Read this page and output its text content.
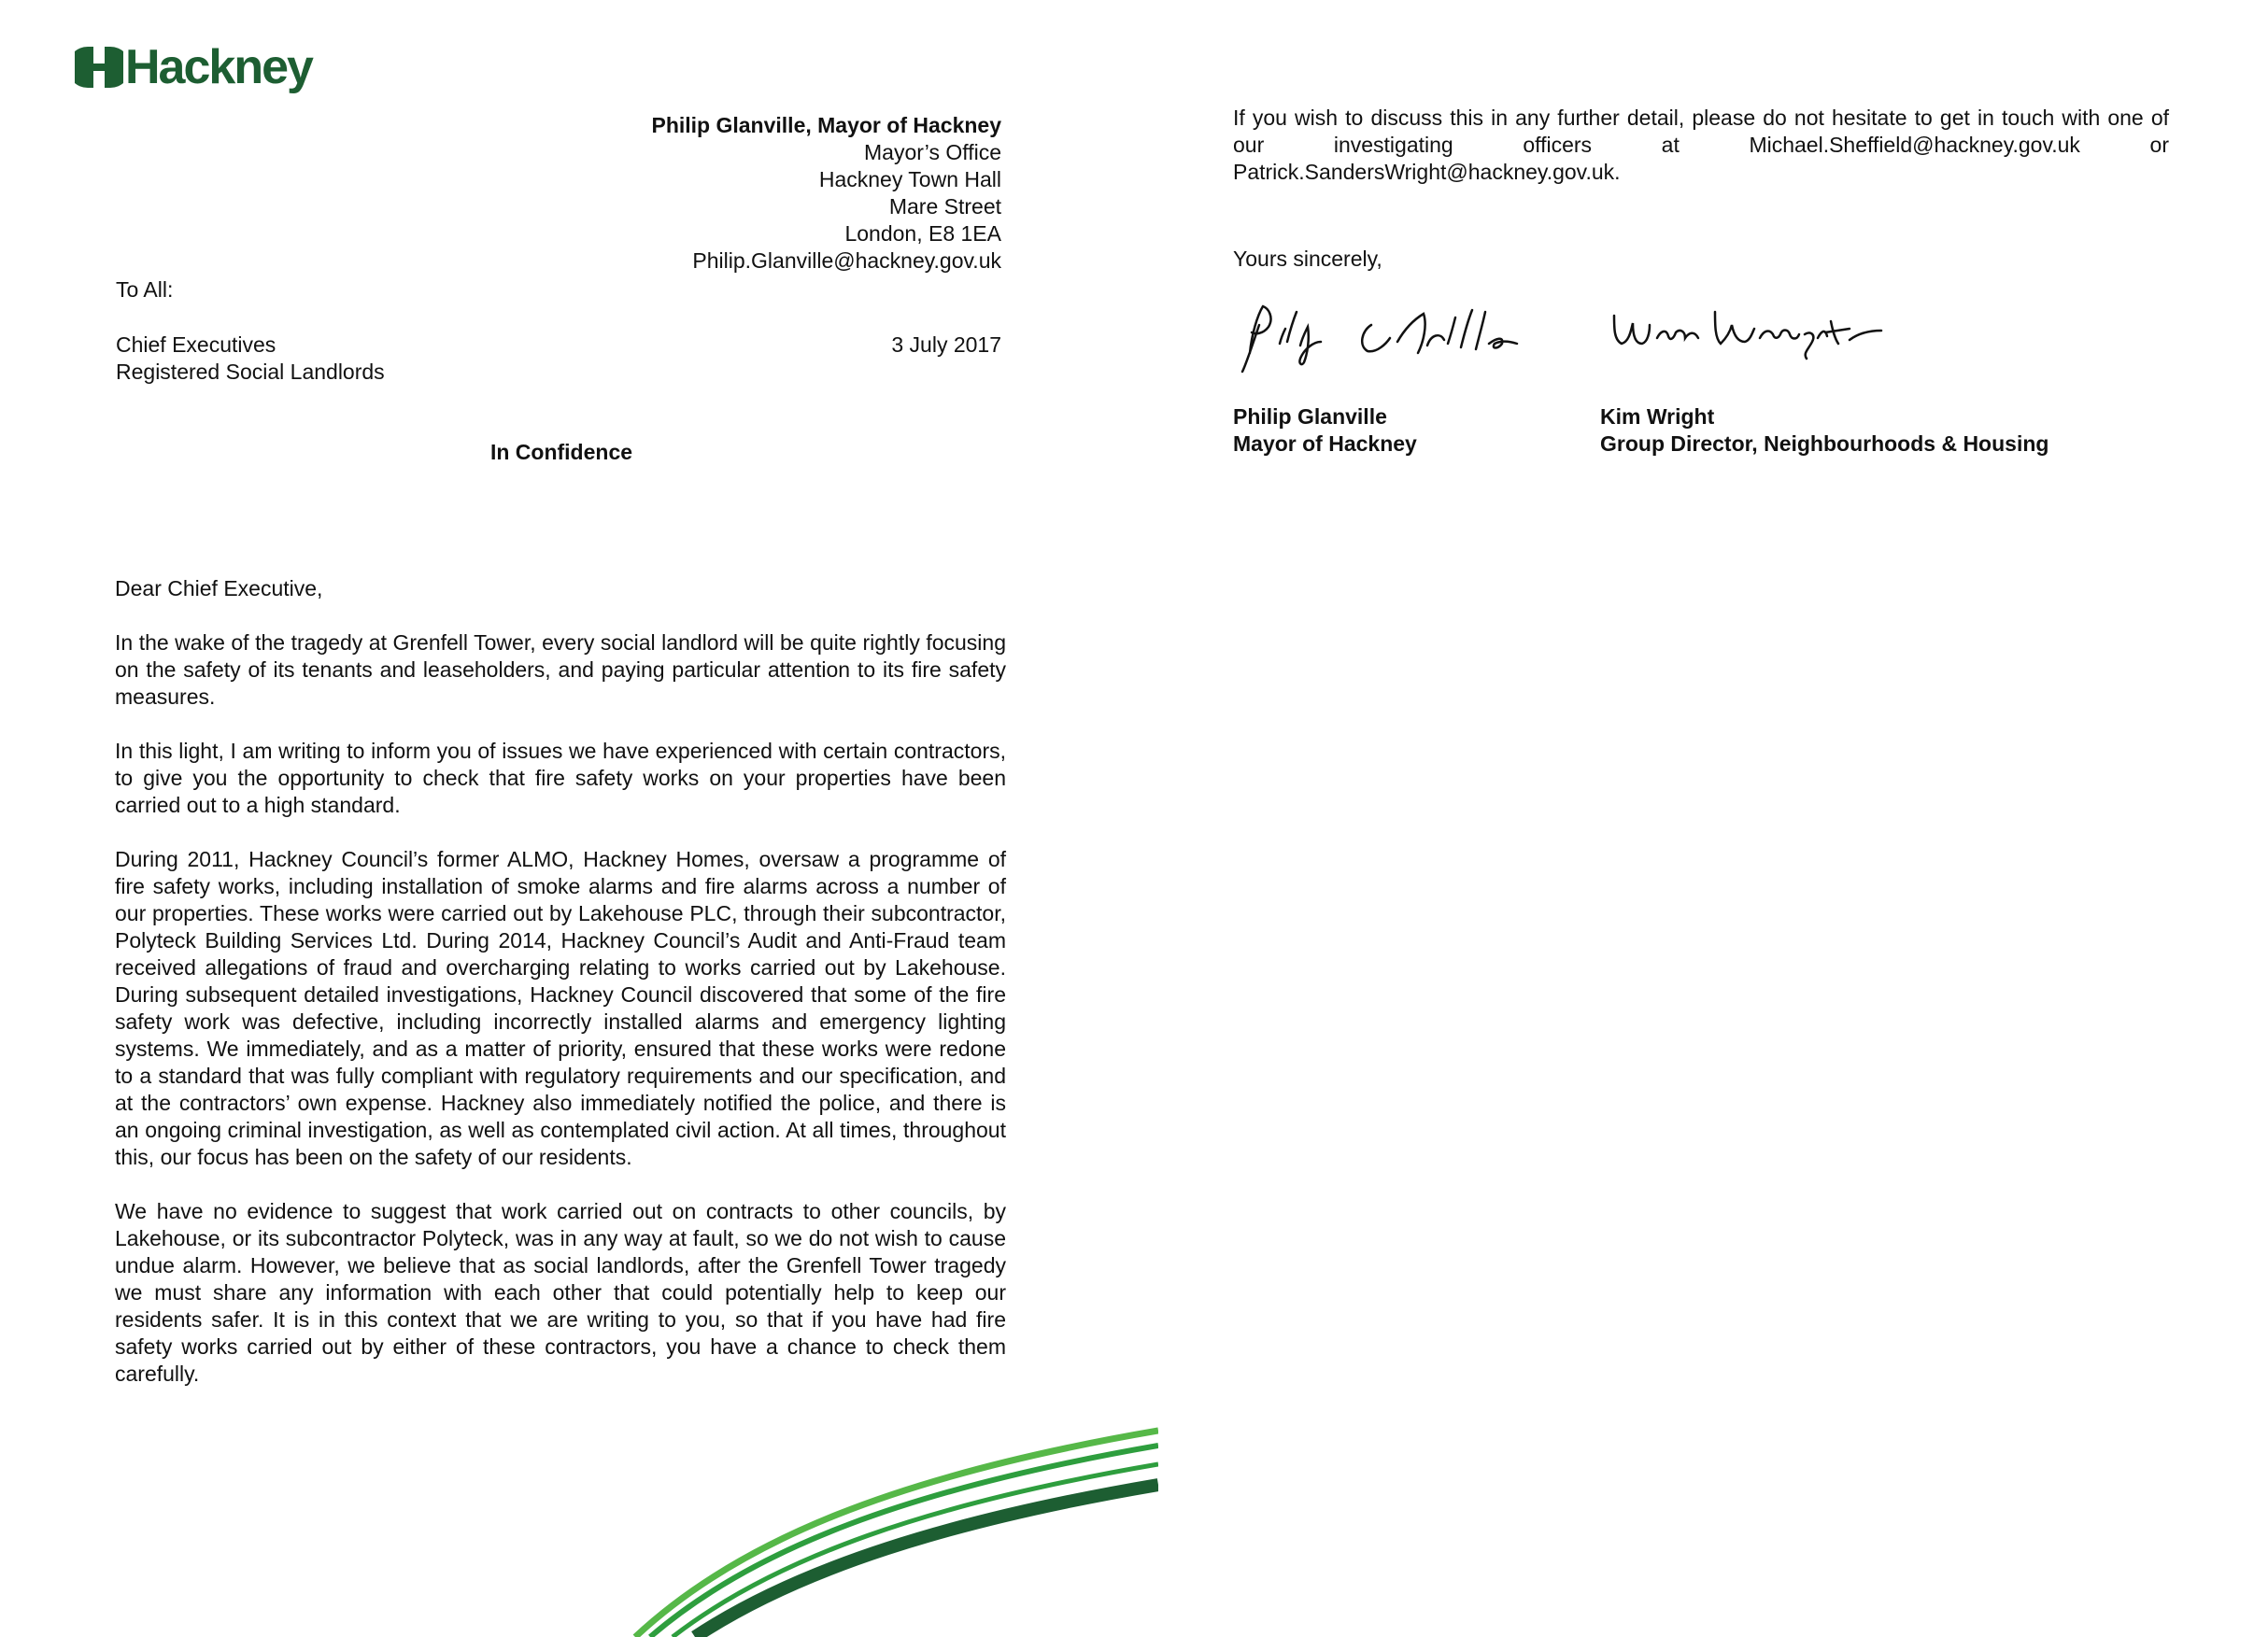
Hackney
Philip Glanville, Mayor of Hackney
Mayor’s Office
Hackney Town Hall
Mare Street
London, E8 1EA
Philip.Glanville@hackney.gov.uk
To All:
Chief Executives
Registered Social Landlords
3 July 2017
In Confidence

Dear Chief Executive,

In the wake of the tragedy at Grenfell Tower, every social landlord will be quite rightly focusing on the safety of its tenants and leaseholders, and paying particular attention to its fire safety measures.

In this light, I am writing to inform you of issues we have experienced with certain contractors, to give you the opportunity to check that fire safety works on your properties have been carried out to a high standard.

During 2011, Hackney Council’s former ALMO, Hackney Homes, oversaw a programme of fire safety works, including installation of smoke alarms and fire alarms across a number of our properties. These works were carried out by Lakehouse PLC, through their subcontractor, Polyteck Building Services Ltd. During 2014, Hackney Council’s Audit and Anti-Fraud team received allegations of fraud and overcharging relating to works carried out by Lakehouse. During subsequent detailed investigations, Hackney Council discovered that some of the fire safety work was defective, including incorrectly installed alarms and emergency lighting systems. We immediately, and as a matter of priority, ensured that these works were redone to a standard that was fully compliant with regulatory requirements and our specification, and at the contractors’ own expense. Hackney also immediately notified the police, and there is an ongoing criminal investigation, as well as contemplated civil action. At all times, throughout this, our focus has been on the safety of our residents.

We have no evidence to suggest that work carried out on contracts to other councils, by Lakehouse, or its subcontractor Polyteck, was in any way at fault, so we do not wish to cause undue alarm. However, we believe that as social landlords, after the Grenfell Tower tragedy we must share any information with each other that could potentially help to keep our residents safer. It is in this context that we are writing to you, so that if you have had fire safety works carried out by either of these contractors, you have a chance to check them carefully.

If you wish to discuss this in any further detail, please do not hesitate to get in touch with one of our investigating officers at Michael.Sheffield@hackney.gov.uk or Patrick.SandersWright@hackney.gov.uk.
Yours sincerely,
Philip Glanville
Mayor of Hackney
Kim Wright
Group Director, Neighbourhoods & Housing
